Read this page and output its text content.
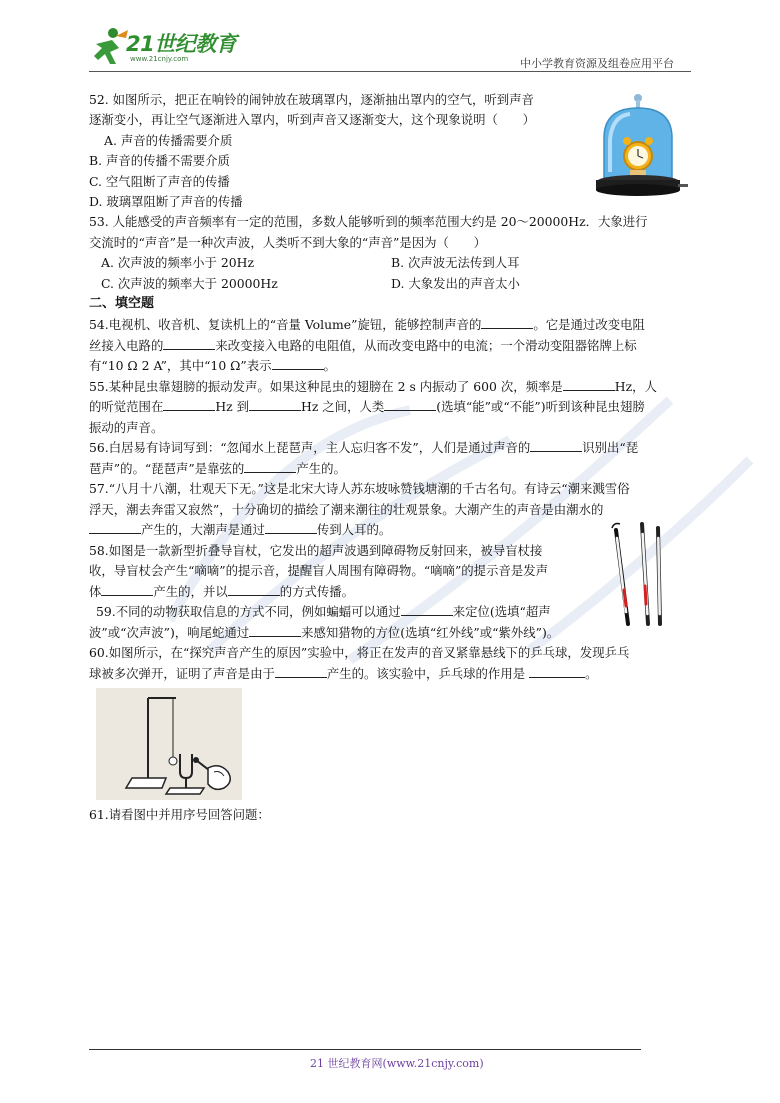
21世纪教育
www.21cnjy.com	中小学教育资源及组卷应用平台
52. 如图所示，把正在响铃的闹钟放在玻璃罩内，逐渐抽出罩内的空气，听到声音
逐渐变小，再让空气逐渐进入罩内，听到声音又逐渐变大，这个现象说明（　　）
A. 声音的传播需要介质
B. 声音的传播不需要介质
C. 空气阻断了声音的传播
D. 玻璃罩阻断了声音的传播
53. 人能感受的声音频率有一定的范围，多数人能够听到的频率范围大约是 20～20000Hz．大象进行
交流时的“声音”是一种次声波，人类听不到大象的“声音”是因为（　　）
A. 次声波的频率小于 20Hz	B. 次声波无法传到人耳
C. 次声波的频率大于 20000Hz	D. 大象发出的声音太小
二、填空题
54.电视机、收音机、复读机上的“音量 Volume”旋钮，能够控制声音的	。它是通过改变电阻
丝接入电路的	来改变接入电路的电阻值，从而改变电路中的电流；一个滑动变阻器铭牌上标
有“10 Ω 2 A”，其中“10 Ω”表示	。
55.某种昆虫靠翅膀的振动发声。如果这种昆虫的翅膀在 2 s 内振动了 600 次，频率是	Hz，人
的听觉范围在	Hz 到	Hz 之间，人类	(选填“能”或“不能”)听到该种昆虫翅膀
振动的声音。
56.白居易有诗词写到：“忽闻水上琵琶声，主人忘归客不发”，人们是通过声音的	识别出“琵
琶声”的。“琵琶声”是靠弦的	产生的。
57.“八月十八潮，壮观天下无。”这是北宋大诗人苏东坡咏赞钱塘潮的千古名句。有诗云“潮来溅雪俗
浮天，潮去奔雷又寂然”，十分确切的描绘了潮来潮往的壮观景象。大潮产生的声音是由潮水的
产生的，大潮声是通过	传到人耳的。
58.如图是一款新型折叠导盲杖，它发出的超声波遇到障碍物反射回来，被导盲杖接
收，导盲杖会产生“嘀嘀”的提示音，提醒盲人周围有障碍物。“嘀嘀”的提示音是发声
体	产生的，并以	的方式传播。
59.不同的动物获取信息的方式不同，例如蝙蝠可以通过	来定位(选填“超声
波”或“次声波”)，响尾蛇通过	来感知猎物的方位(选填“红外线”或“紫外线”)。
60.如图所示，在“探究声音产生的原因”实验中，将正在发声的音叉紧靠悬线下的乒乓球，发现乒乓
球被多次弹开，证明了声音是由于	产生的。该实验中，乒乓球的作用是	。
61.请看图中并用序号回答问题：
21 世纪教育网(www.21cnjy.com)
